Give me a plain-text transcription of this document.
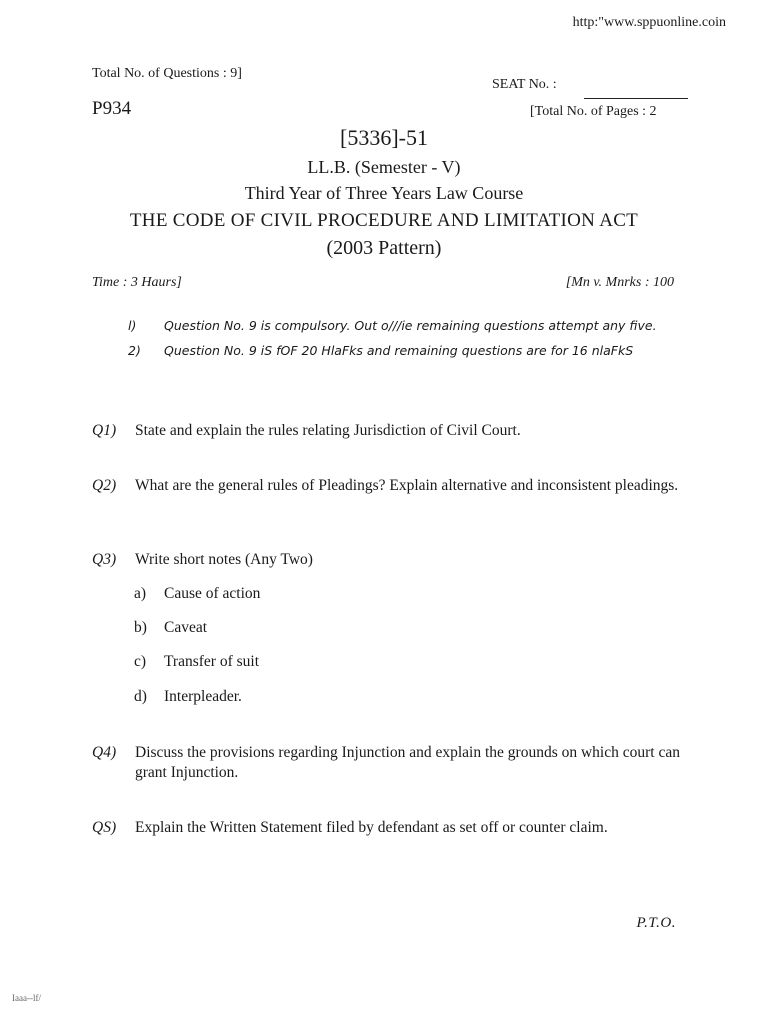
http:"www.sppuonline.coin
Total No. of Questions : 9]
P934
SEAT No. :
[Total No. of Pages : 2
[5336]-51
LL.B. (Semester - V)
Third Year of Three Years Law Course
THE CODE OF CIVIL PROCEDURE AND LIMITATION ACT
(2003 Pattern)
Time : 3 Haurs]	[Mn v. Mnrks : 100
l) Question No. 9 is compulsory. Out o///ie remaining questions attempt any five.
2) Question No. 9 iS fOF 20 HlaFks and remaining questions are for 16 nlaFkS
Q1) State and explain the rules relating Jurisdiction of Civil Court.
Q2) What are the general rules of Pleadings? Explain alternative and inconsistent pleadings.
Q3) Write short notes (Any Two)
a) Cause of action
b) Caveat
c) Transfer of suit
d) Interpleader.
Q4) Discuss the provisions regarding Injunction and explain the grounds on which court can grant Injunction.
QS) Explain the Written Statement filed by defendant as set off or counter claim.
P.T.O.
Iaaa--lf/
